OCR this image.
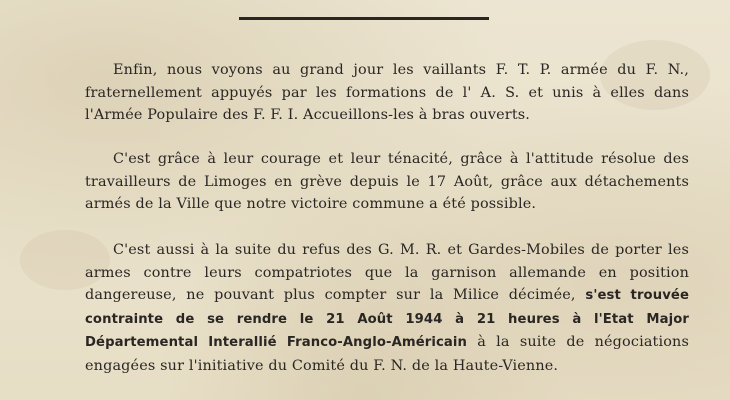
Enfin, nous voyons au grand jour les vaillants F. T. P. armée du F. N., fraternellement appuyés par les formations de l' A. S. et unis à elles dans l'Armée Populaire des F. F. I. Accueillons-les à bras ouverts.

C'est grâce à leur courage et leur ténacité, grâce à l'attitude résolue des travailleurs de Limoges en grève depuis le 17 Août, grâce aux détachements armés de la Ville que notre victoire commune a été possible.

C'est aussi à la suite du refus des G. M. R. et Gardes-Mobiles de porter les armes contre leurs compatriotes que la garnison allemande en position dangereuse, ne pouvant plus compter sur la Milice décimée, s'est trouvée contrainte de se rendre le 21 Août 1944 à 21 heures à l'Etat Major Départemental Interallié Franco-Anglo-Américain à la suite de négociations engagées sur l'initiative du Comité du F. N. de la Haute-Vienne.
